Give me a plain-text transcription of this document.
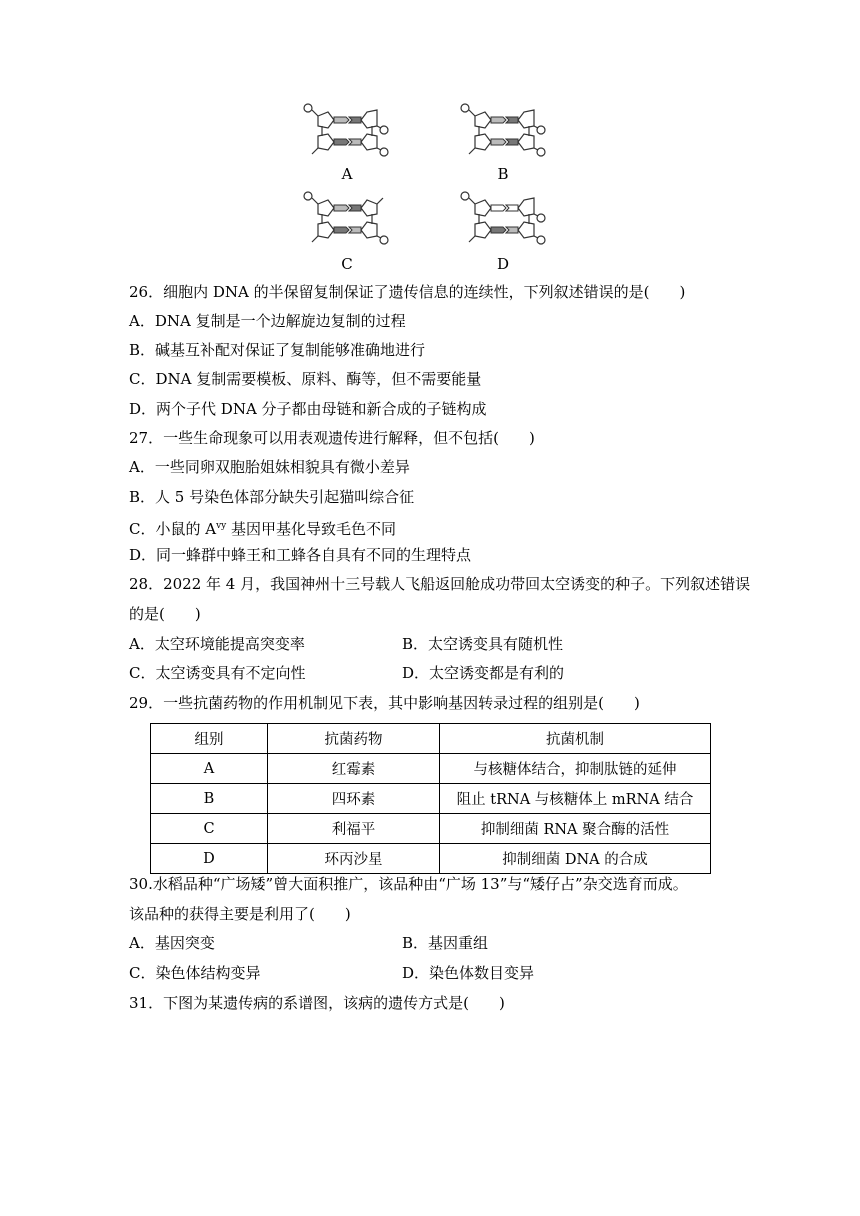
A	B
C	D
26．细胞内 DNA 的半保留复制保证了遗传信息的连续性，下列叙述错误的是(　　)
A．DNA 复制是一个边解旋边复制的过程
B．碱基互补配对保证了复制能够准确地进行
C．DNA 复制需要模板、原料、酶等，但不需要能量
D．两个子代 DNA 分子都由母链和新合成的子链构成
27．一些生命现象可以用表观遗传进行解释，但不包括(　　)
A．一些同卵双胞胎姐妹相貌具有微小差异
B．人 5 号染色体部分缺失引起猫叫综合征
C．小鼠的 $A^{vy}$ 基因甲基化导致毛色不同
D．同一蜂群中蜂王和工蜂各自具有不同的生理特点
28．2022 年 4 月，我国神州十三号载人飞船返回舱成功带回太空诱变的种子。下列叙述错误
的是(　　)
A．太空环境能提高突变率	B．太空诱变具有随机性
C．太空诱变具有不定向性	D．太空诱变都是有利的
29．一些抗菌药物的作用机制见下表，其中影响基因转录过程的组别是(　　)
组别	抗菌药物	抗菌机制
A	红霉素	与核糖体结合，抑制肽链的延伸
B	四环素	阻止 tRNA 与核糖体上 mRNA 结合
C	利福平	抑制细菌 RNA 聚合酶的活性
D	环丙沙星	抑制细菌 DNA 的合成
30.水稻品种“广场矮”曾大面积推广，该品种由“广场 13”与“矮仔占”杂交选育而成。
该品种的获得主要是利用了(　　)
A．基因突变	B．基因重组
C．染色体结构变异	D．染色体数目变异
31．下图为某遗传病的系谱图，该病的遗传方式是(　　)
